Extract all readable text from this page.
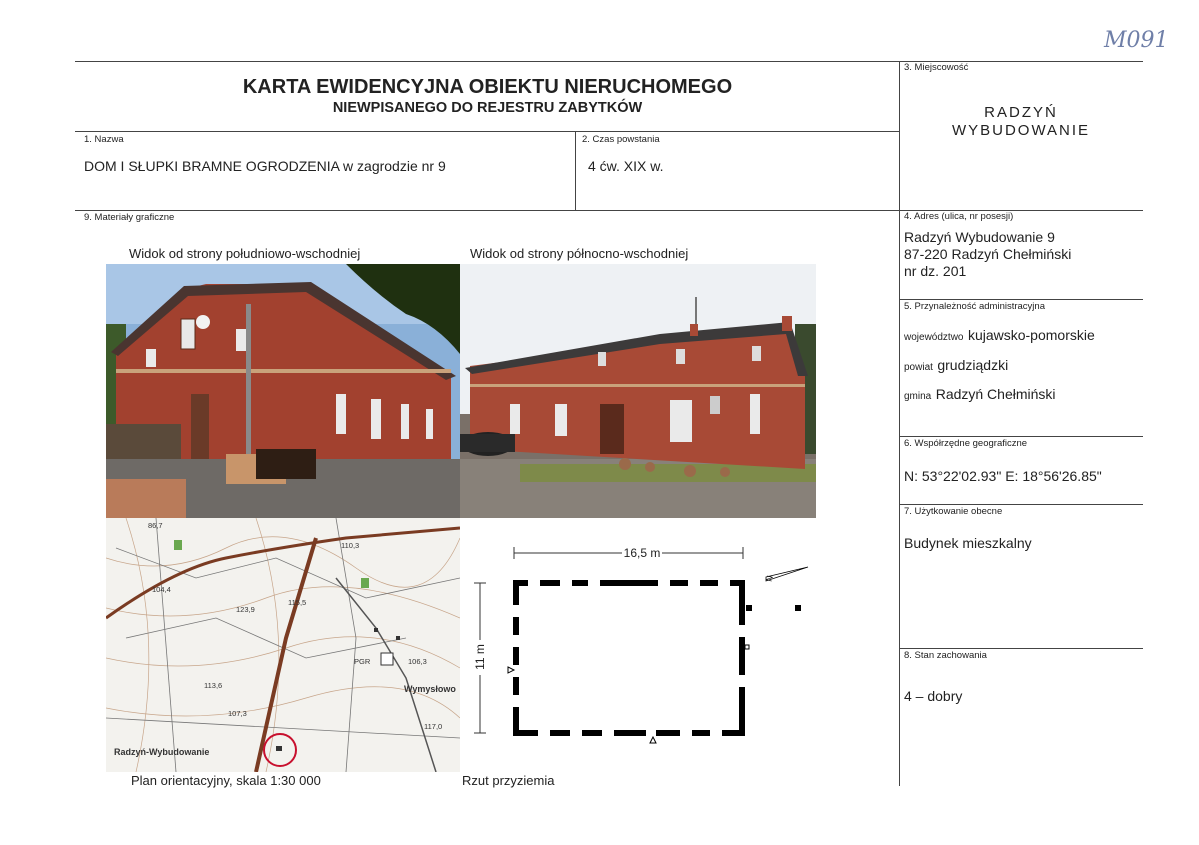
M091
KARTA EWIDENCYJNA OBIEKTU NIERUCHOMEGO
NIEWPISANEGO DO REJESTRU ZABYTKÓW
1. Nazwa
DOM I SŁUPKI BRAMNE OGRODZENIA w zagrodzie nr 9
2. Czas powstania
4 ćw. XIX w.
3. Miejscowość
RADZYŃ
WYBUDOWANIE
4. Adres (ulica, nr posesji)
Radzyń Wybudowanie 9
87-220 Radzyń Chełmiński
nr dz. 201
5. Przynależność administracyjna
województwo kujawsko-pomorskie
powiat grudziądzki
gmina Radzyń Chełmiński
6. Współrzędne geograficzne
N: 53°22'02.93" E: 18°56'26.85"
7. Użytkowanie obecne
Budynek mieszkalny
8. Stan zachowania
4 – dobry
9. Materiały graficzne
Widok od strony południowo-wschodniej	Widok od strony północno-wschodniej
86,7
104,4
110,3
123,9
115,5
113,6
107,3
106,3
117,0
PGR
Radzyń-Wybudowanie
Wymysłowo
16,5 m
11 m
N
Plan orientacyjny, skala 1:30 000	Rzut przyziemia
